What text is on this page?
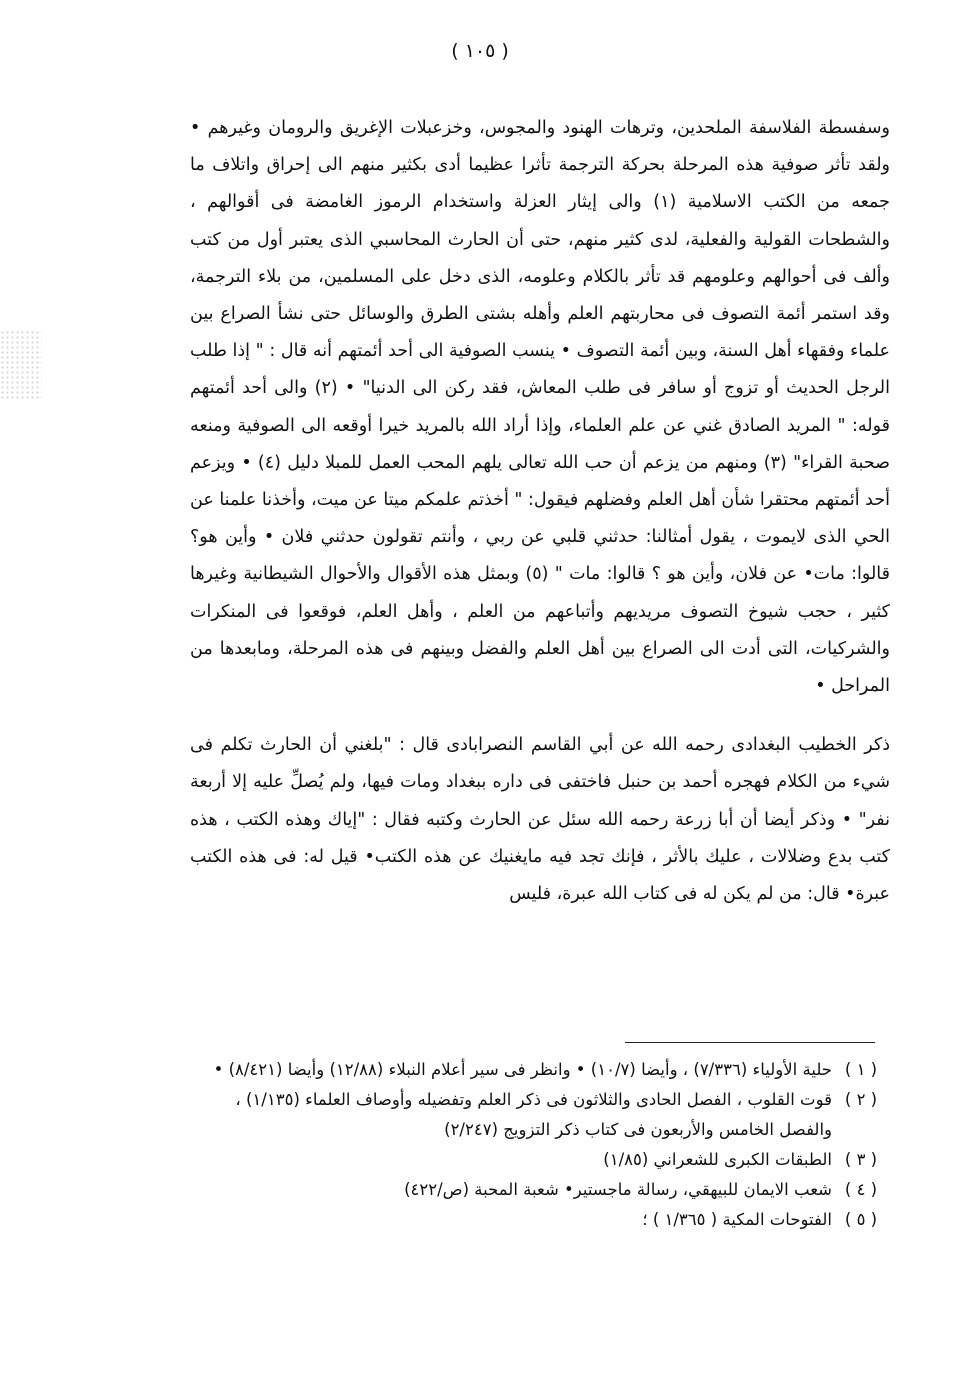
( ١٠٥ )

وسفسطة الفلاسفة الملحدين، وترهات الهنود والمجوس، وخزعبلات الإغريق والرومان وغيرهم • ولقد تأثر صوفية هذه المرحلة بحركة الترجمة تأثرا عظيما أدى بكثير منهم الى إحراق واتلاف ما جمعه من الكتب الاسلامية (١) والى إيثار العزلة واستخدام الرموز الغامضة فى أقوالهم ، والشطحات القولية والفعلية، لدى كثير منهم، حتى أن الحارث المحاسبي الذى يعتبر أول من كتب وألف فى أحوالهم وعلومهم قد تأثر بالكلام وعلومه، الذى دخل على المسلمين، من بلاء الترجمة، وقد استمر أئمة التصوف فى محاربتهم العلم وأهله بشتى الطرق والوسائل حتى نشأ الصراع بين علماء وفقهاء أهل السنة، وبين أئمة التصوف • ينسب الصوفية الى أحد أئمتهم أنه قال : " إذا طلب الرجل الحديث أو تزوج أو سافر فى طلب المعاش، فقد ركن الى الدنيا" • (٢) والى أحد أئمتهم قوله: " المريد الصادق غني عن علم العلماء، وإذا أراد الله بالمريد خيرا أوقعه الى الصوفية ومنعه صحبة القراء" (٣) ومنهم من يزعم أن حب الله تعالى يلهم المحب العمل للمبلا دليل (٤) • ويزعم أحد أئمتهم محتقرا شأن أهل العلم وفضلهم فيقول: " أخذتم علمكم ميتا عن ميت، وأخذنا علمنا عن الحي الذى لايموت ، يقول أمثالنا: حدثني قلبي عن ربي ، وأنتم تقولون حدثني فلان • وأين هو؟ قالوا: مات• عن فلان، وأين هو ؟ قالوا: مات " (٥) وبمثل هذه الأقوال والأحوال الشيطانية وغيرها كثير ، حجب شيوخ التصوف مريديهم وأتباعهم من العلم ، وأهل العلم، فوقعوا فى المنكرات والشركيات، التى أدت الى الصراع بين أهل العلم والفضل وبينهم فى هذه المرحلة، ومابعدها من المراحل •

ذكر الخطيب البغدادى رحمه الله عن أبي القاسم النصرابادى قال : "بلغني أن الحارث تكلم فى شيء من الكلام فهجره أحمد بن حنبل فاختفى فى داره ببغداد ومات فيها، ولم يُصلِّ عليه إلا أربعة نفر" • وذكر أيضا أن أبا زرعة رحمه الله سئل عن الحارث وكتبه فقال : "إياك وهذه الكتب ، هذه كتب بدع وضلالات ، عليك بالأثر ، فإنك تجد فيه مايغنيك عن هذه الكتب• قيل له: فى هذه الكتب عبرة• قال: من لم يكن له فى كتاب الله عبرة، فليس

( ١ )
حلية الأولياء (٧/٣٣٦) ، وأيضا (١٠/٧) • وانظر فى سير أعلام النبلاء (١٢/٨٨) وأيضا (٨/٤٢١) •
( ٢ )
قوت القلوب ، الفصل الحادى والثلاثون فى ذكر العلم وتفضيله وأوصاف العلماء (١/١٣٥) ، والفصل الخامس والأربعون فى كتاب ذكر التزويج (٢/٢٤٧)
( ٣ )
الطبقات الكبرى للشعراني (١/٨٥)
( ٤ )
شعب الايمان للبيهقي، رسالة ماجستير• شعبة المحبة (ص/٤٢٢)
( ٥ )
الفتوحات المكية ( ١/٣٦٥ ) ؛
